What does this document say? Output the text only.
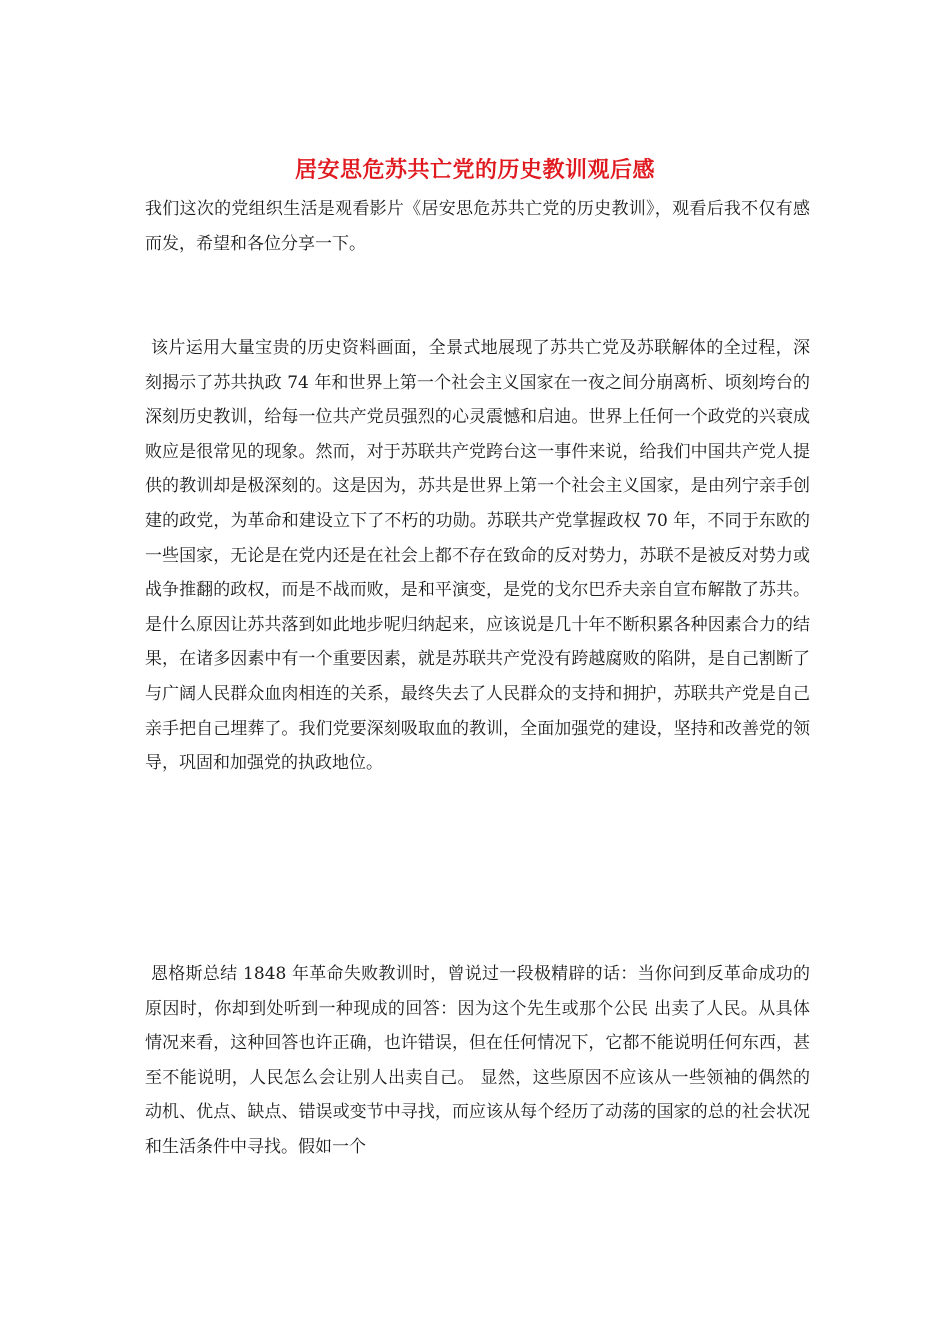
居安思危苏共亡党的历史教训观后感

我们这次的党组织生活是观看影片《居安思危苏共亡党的历史教训》，观看后我不仅有感而发，希望和各位分享一下。

该片运用大量宝贵的历史资料画面，全景式地展现了苏共亡党及苏联解体的全过程，深刻揭示了苏共执政 74 年和世界上第一个社会主义国家在一夜之间分崩离析、顷刻垮台的深刻历史教训，给每一位共产党员强烈的心灵震憾和启迪。世界上任何一个政党的兴衰成败应是很常见的现象。然而，对于苏联共产党跨台这一事件来说，给我们中国共产党人提供的教训却是极深刻的。这是因为，苏共是世界上第一个社会主义国家，是由列宁亲手创建的政党，为革命和建设立下了不朽的功勋。苏联共产党掌握政权 70 年，不同于东欧的一些国家，无论是在党内还是在社会上都不存在致命的反对势力，苏联不是被反对势力或战争推翻的政权，而是不战而败，是和平演变，是党的戈尔巴乔夫亲自宣布解散了苏共。是什么原因让苏共落到如此地步呢归纳起来，应该说是几十年不断积累各种因素合力的结果，在诸多因素中有一个重要因素，就是苏联共产党没有跨越腐败的陷阱，是自己割断了与广阔人民群众血肉相连的关系，最终失去了人民群众的支持和拥护，苏联共产党是自己亲手把自己埋葬了。我们党要深刻吸取血的教训，全面加强党的建设，坚持和改善党的领导，巩固和加强党的执政地位。

恩格斯总结 1848 年革命失败教训时，曾说过一段极精辟的话：当你问到反革命成功的原因时，你却到处听到一种现成的回答：因为这个先生或那个公民 出卖了人民。从具体情况来看，这种回答也许正确，也许错误，但在任何情况下，它都不能说明任何东西，甚至不能说明，人民怎么会让别人出卖自己。 显然，这些原因不应该从一些领袖的偶然的动机、优点、缺点、错误或变节中寻找，而应该从每个经历了动荡的国家的总的社会状况和生活条件中寻找。假如一个
